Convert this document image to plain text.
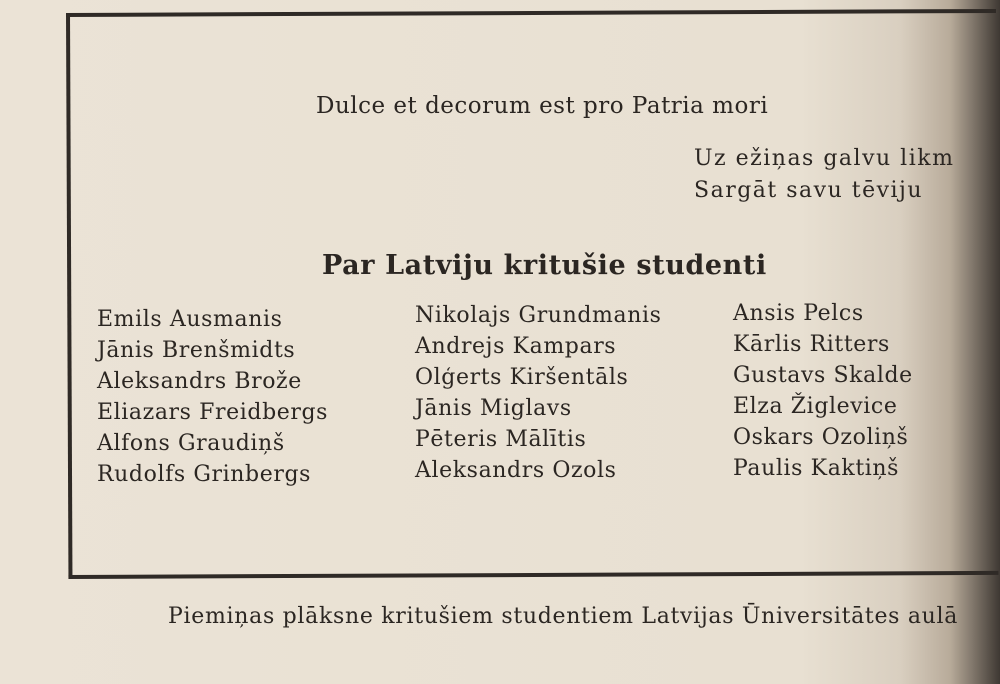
Dulce et decorum est pro Patria mori
Uz ežiņas galvu likm
Sargāt savu tēviju
Par Latviju kritušie studenti
Emils Ausmanis
Jānis Brenšmidts
Aleksandrs Brože
Eliazars Freidbergs
Alfons Graudiņš
Rudolfs Grinbergs
Nikolajs Grundmanis
Andrejs Kampars
Olģerts Kiršentāls
Jānis Miglavs
Pēteris Mālītis
Aleksandrs Ozols
Ansis Pelcs
Kārlis Ritters
Gustavs Skalde
Elza Žiglevice
Oskars Ozoliņš
Paulis Kaktiņš
Piemiņas plāksne kritušiem studentiem Latvijas Ūniversitātes aulā
